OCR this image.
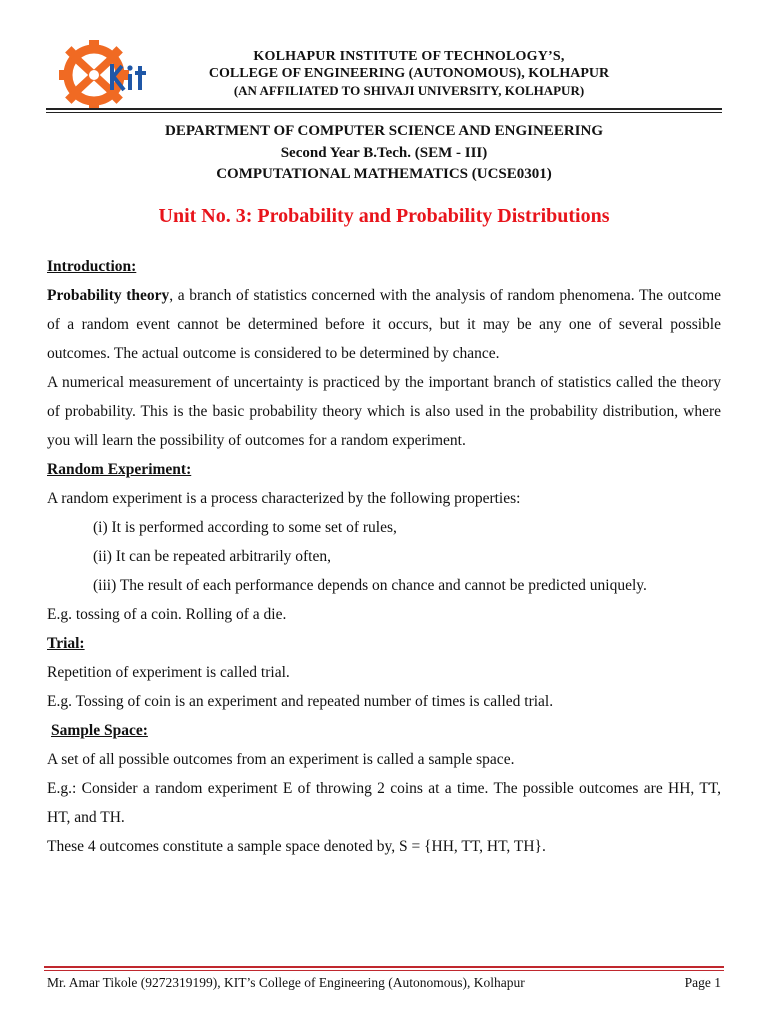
KOLHAPUR INSTITUTE OF TECHNOLOGY’S,
COLLEGE OF ENGINEERING (AUTONOMOUS), KOLHAPUR
(AN AFFILIATED TO SHIVAJI UNIVERSITY, KOLHAPUR)
DEPARTMENT OF COMPUTER SCIENCE AND ENGINEERING
Second Year B.Tech. (SEM - III)
COMPUTATIONAL MATHEMATICS (UCSE0301)
Unit No. 3: Probability and Probability Distributions

Introduction:

Probability theory, a branch of statistics concerned with the analysis of random phenomena. The outcome of a random event cannot be determined before it occurs, but it may be any one of several possible outcomes. The actual outcome is considered to be determined by chance.

A numerical measurement of uncertainty is practiced by the important branch of statistics called the theory of probability. This is the basic probability theory which is also used in the probability distribution, where you will learn the possibility of outcomes for a random experiment.

Random Experiment:

A random experiment is a process characterized by the following properties:

(i) It is performed according to some set of rules,

(ii) It can be repeated arbitrarily often,

(iii) The result of each performance depends on chance and cannot be predicted uniquely.

E.g. tossing of a coin. Rolling of a die.

Trial:

Repetition of experiment is called trial.

E.g. Tossing of coin is an experiment and repeated number of times is called trial.

Sample Space:

A set of all possible outcomes from an experiment is called a sample space.

E.g.: Consider a random experiment E of throwing 2 coins at a time. The possible outcomes are HH, TT, HT, and TH.

These 4 outcomes constitute a sample space denoted by, S = {HH, TT, HT, TH}.

Mr. Amar Tikole (9272319199), KIT’s College of Engineering (Autonomous), Kolhapur	Page 1
